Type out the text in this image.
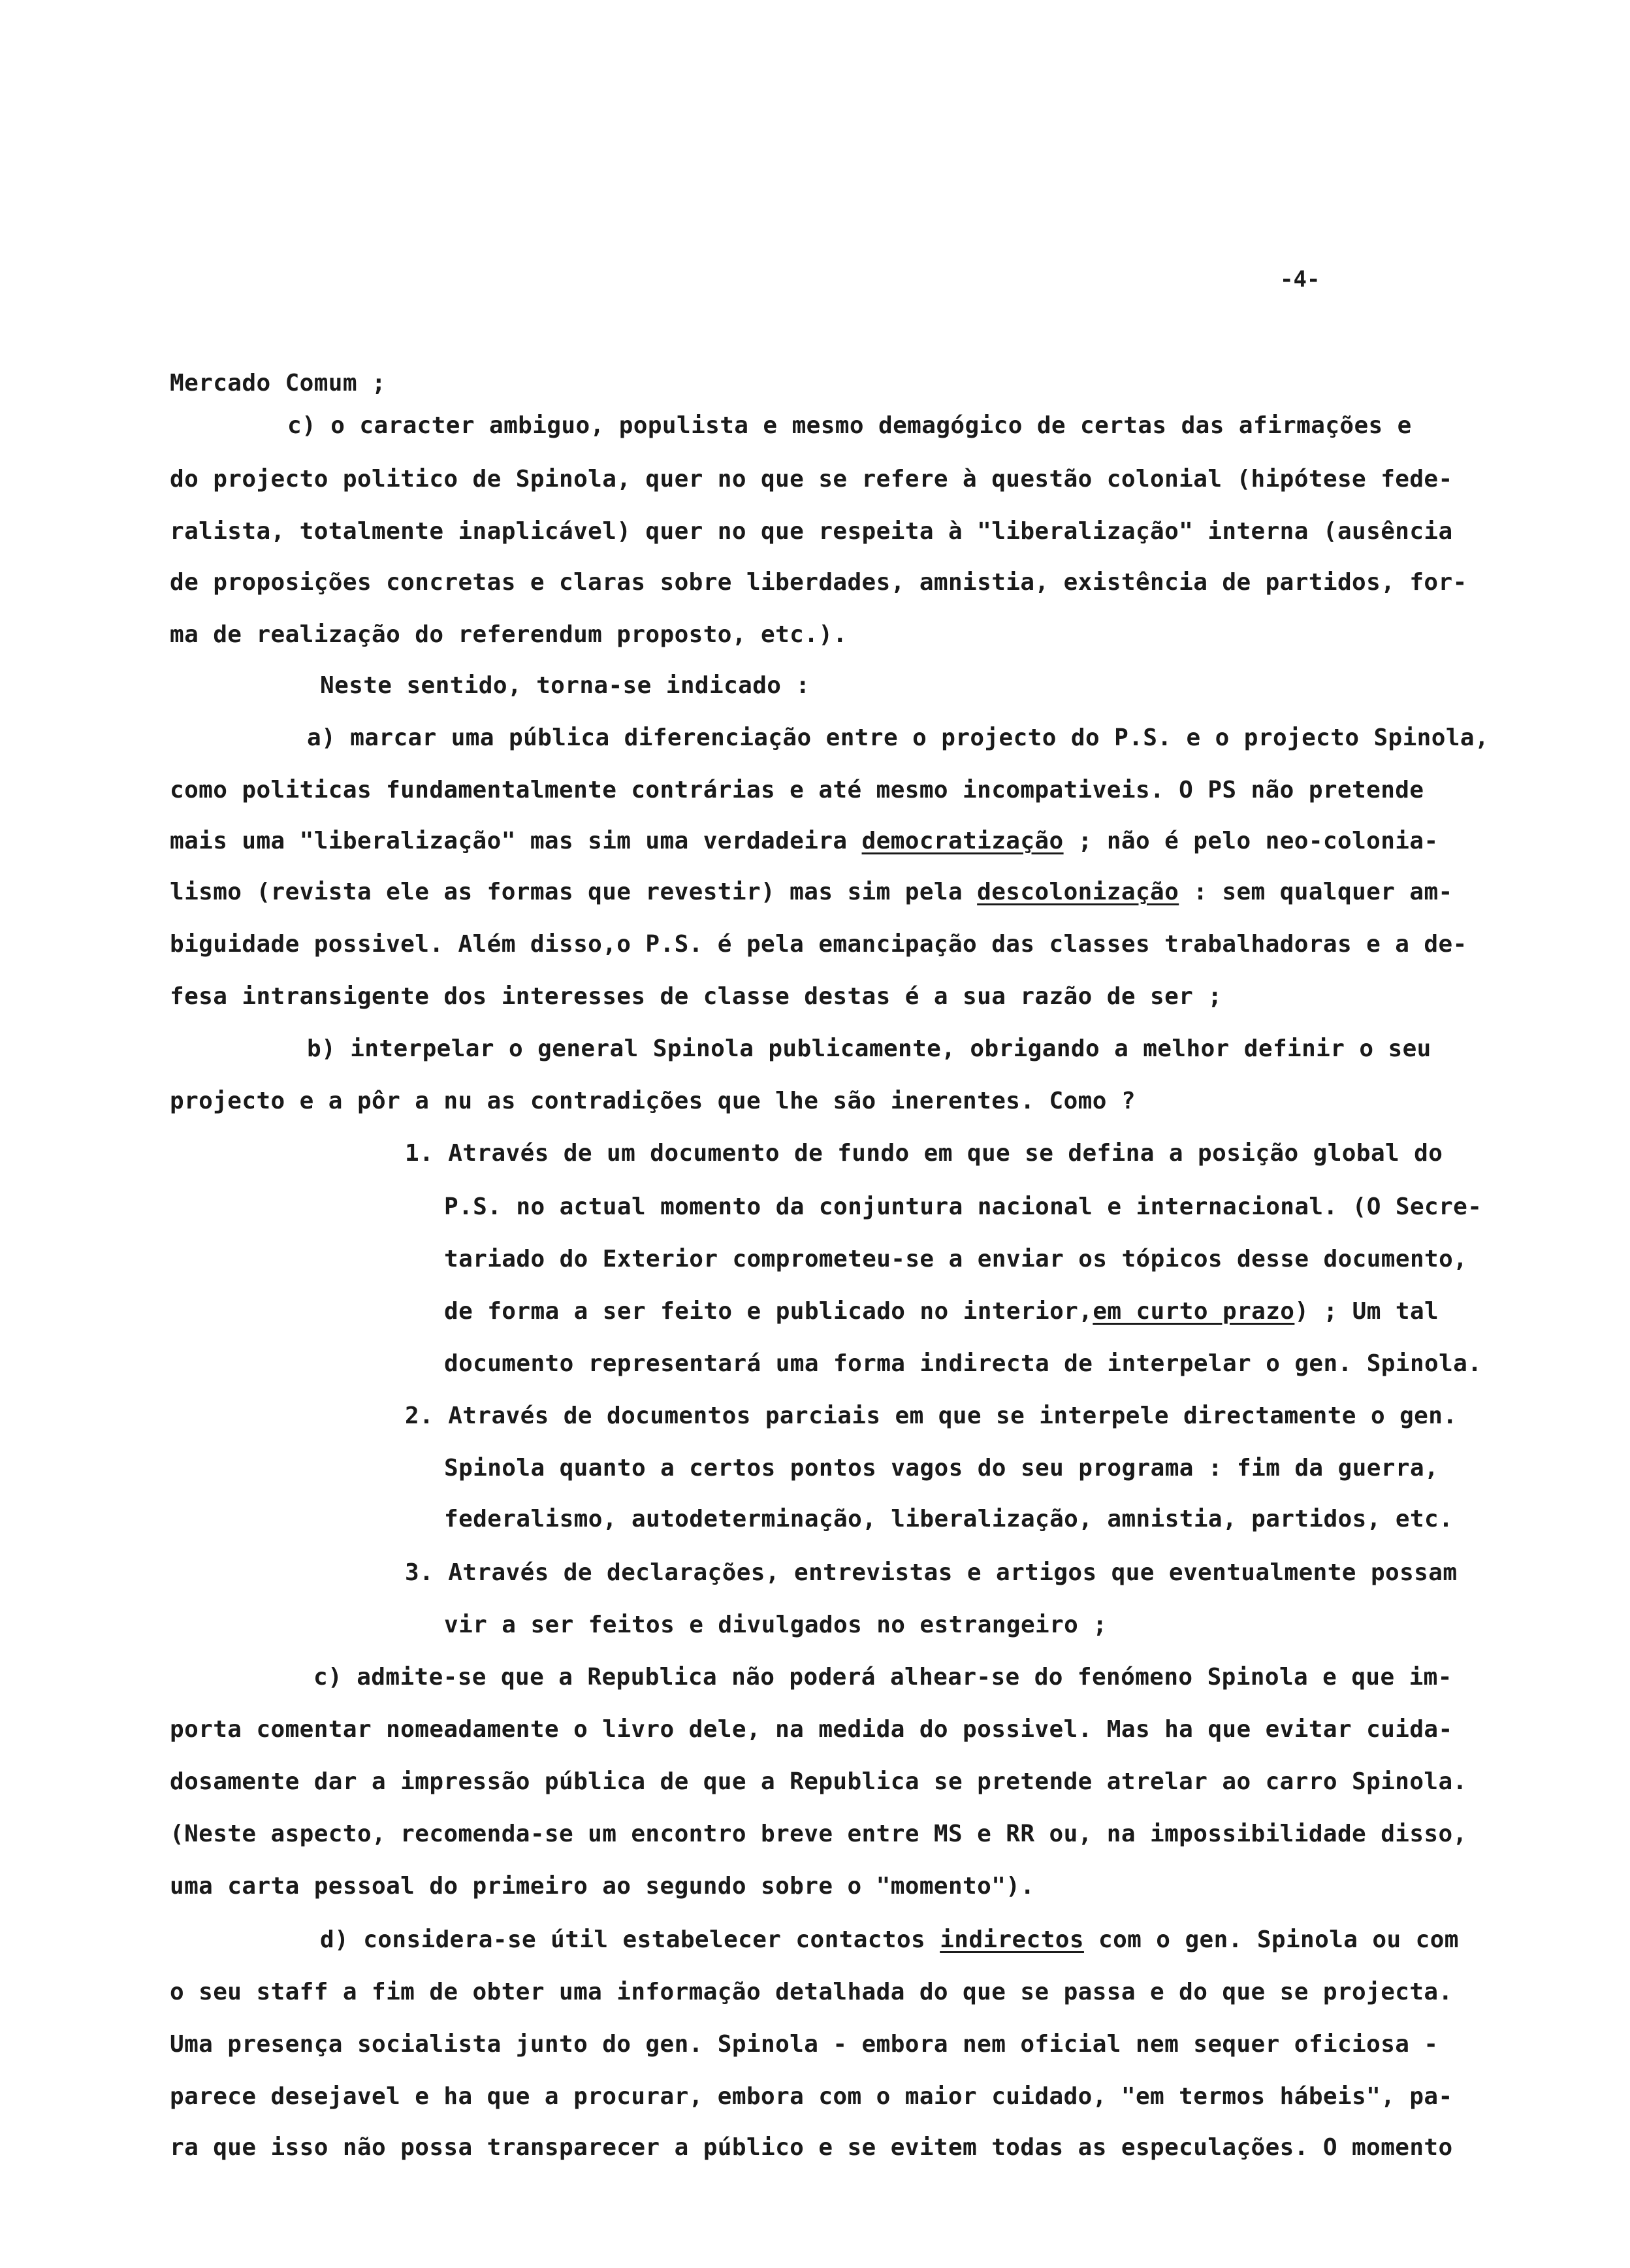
-4-
Mercado Comum ;
c) o caracter ambiguo, populista e mesmo demagógico de certas das afirmações e
do projecto politico de Spinola, quer no que se refere à questão colonial (hipótese fede-
ralista, totalmente inaplicável) quer no que respeita à "liberalização" interna (ausência
de proposições concretas e claras sobre liberdades, amnistia, existência de partidos, for-
ma de realização do referendum proposto, etc.).
Neste sentido, torna-se indicado :
a) marcar uma pública diferenciação entre o projecto do P.S. e o projecto Spinola,
como politicas fundamentalmente contrárias e até mesmo incompativeis. O PS não pretende
mais uma "liberalização" mas sim uma verdadeira democratização ; não é pelo neo-colonia-
lismo (revista ele as formas que revestir) mas sim pela descolonização : sem qualquer am-
biguidade possivel. Além disso,o P.S. é pela emancipação das classes trabalhadoras e a de-
fesa intransigente dos interesses de classe destas é a sua razão de ser ;
b) interpelar o general Spinola publicamente, obrigando a melhor definir o seu
projecto e a pôr a nu as contradições que lhe são inerentes. Como ?
1. Através de um documento de fundo em que se defina a posição global do
P.S. no actual momento da conjuntura nacional e internacional. (O Secre-
tariado do Exterior comprometeu-se a enviar os tópicos desse documento,
de forma a ser feito e publicado no interior,em curto prazo) ; Um tal
documento representará uma forma indirecta de interpelar o gen. Spinola.
2. Através de documentos parciais em que se interpele directamente o gen.
Spinola quanto a certos pontos vagos do seu programa : fim da guerra,
federalismo, autodeterminação, liberalização, amnistia, partidos, etc.
3. Através de declarações, entrevistas e artigos que eventualmente possam
vir a ser feitos e divulgados no estrangeiro ;
c) admite-se que a Republica não poderá alhear-se do fenómeno Spinola e que im-
porta comentar nomeadamente o livro dele, na medida do possivel. Mas ha que evitar cuida-
dosamente dar a impressão pública de que a Republica se pretende atrelar ao carro Spinola.
(Neste aspecto, recomenda-se um encontro breve entre MS e RR ou, na impossibilidade disso,
uma carta pessoal do primeiro ao segundo sobre o "momento").
d) considera-se útil estabelecer contactos indirectos com o gen. Spinola ou com
o seu staff a fim de obter uma informação detalhada do que se passa e do que se projecta.
Uma presença socialista junto do gen. Spinola - embora nem oficial nem sequer oficiosa -
parece desejavel e ha que a procurar, embora com o maior cuidado, "em termos hábeis", pa-
ra que isso não possa transparecer a público e se evitem todas as especulações. O momento
